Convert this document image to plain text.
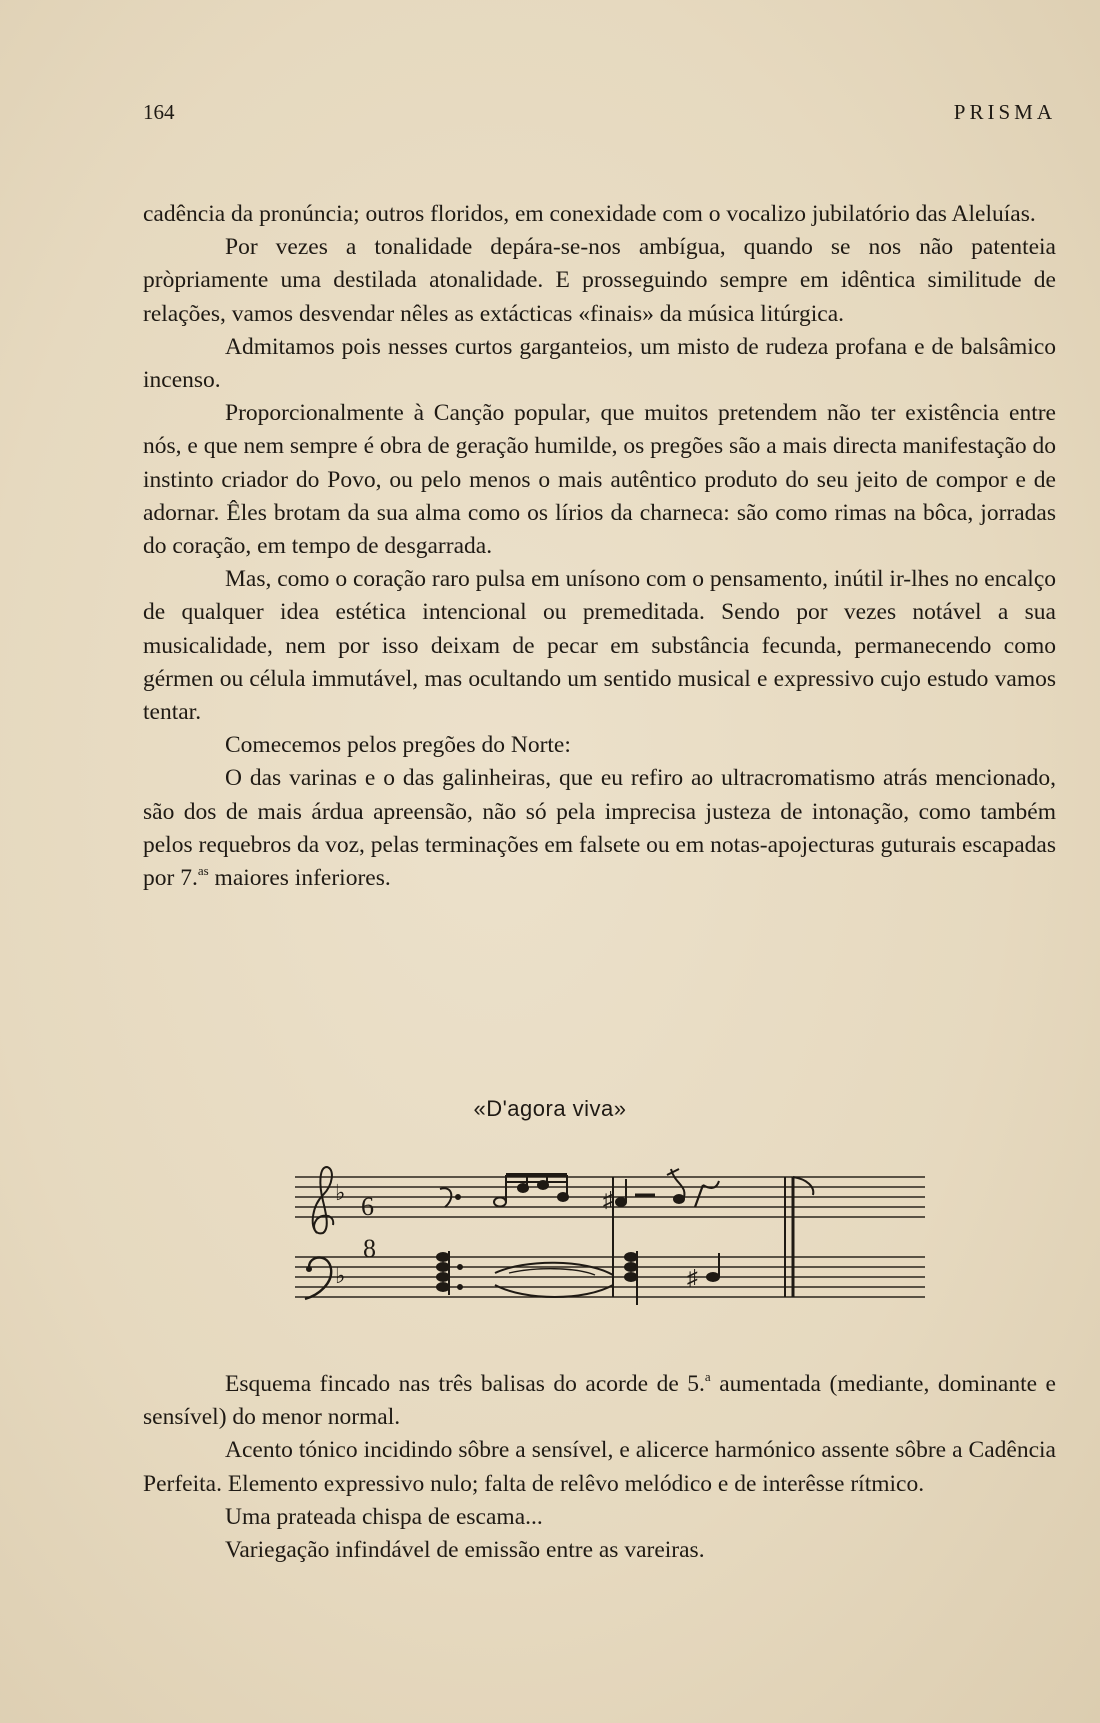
164	PRISMA

cadência da pronúncia; outros floridos, em conexidade com o vocalizo jubilatório das Aleluías.

Por vezes a tonalidade depára-se-nos ambígua, quando se nos não patenteia pròpriamente uma destilada atonalidade. E prosseguindo sempre em idêntica similitude de relações, vamos desvendar nêles as extácticas «finais» da música litúrgica.

Admitamos pois nesses curtos garganteios, um misto de rudeza profana e de balsâmico incenso.

Proporcionalmente à Canção popular, que muitos pretendem não ter existência entre nós, e que nem sempre é obra de geração humilde, os pregões são a mais directa manifestação do instinto criador do Povo, ou pelo menos o mais autêntico produto do seu jeito de compor e de adornar. Êles brotam da sua alma como os lírios da charneca: são como rimas na bôca, jorradas do coração, em tempo de desgarrada.

Mas, como o coração raro pulsa em unísono com o pensamento, inútil ir-lhes no encalço de qualquer idea estética intencional ou premeditada. Sendo por vezes notável a sua musicalidade, nem por isso deixam de pecar em substância fecunda, permanecendo como gérmen ou célula immutável, mas ocultando um sentido musical e expressivo cujo estudo vamos tentar.

Comecemos pelos pregões do Norte:

O das varinas e o das galinheiras, que eu refiro ao ultracromatismo atrás mencionado, são dos de mais árdua apreensão, não só pela imprecisa justeza de intonação, como também pelos requebros da voz, pelas terminações em falsete ou em notas-apojecturas guturais escapadas por 7.$^{as}$ maiores inferiores.

«D'agora viva»
♭
♭
6
8
♯
♯

Esquema fincado nas três balisas do acorde de 5.$^a$ aumentada (mediante, dominante e sensível) do menor normal.

Acento tónico incidindo sôbre a sensível, e alicerce harmónico assente sôbre a Cadência Perfeita. Elemento expressivo nulo; falta de relêvo melódico e de interêsse rítmico.

Uma prateada chispa de escama...

Variegação infindável de emissão entre as vareiras.
